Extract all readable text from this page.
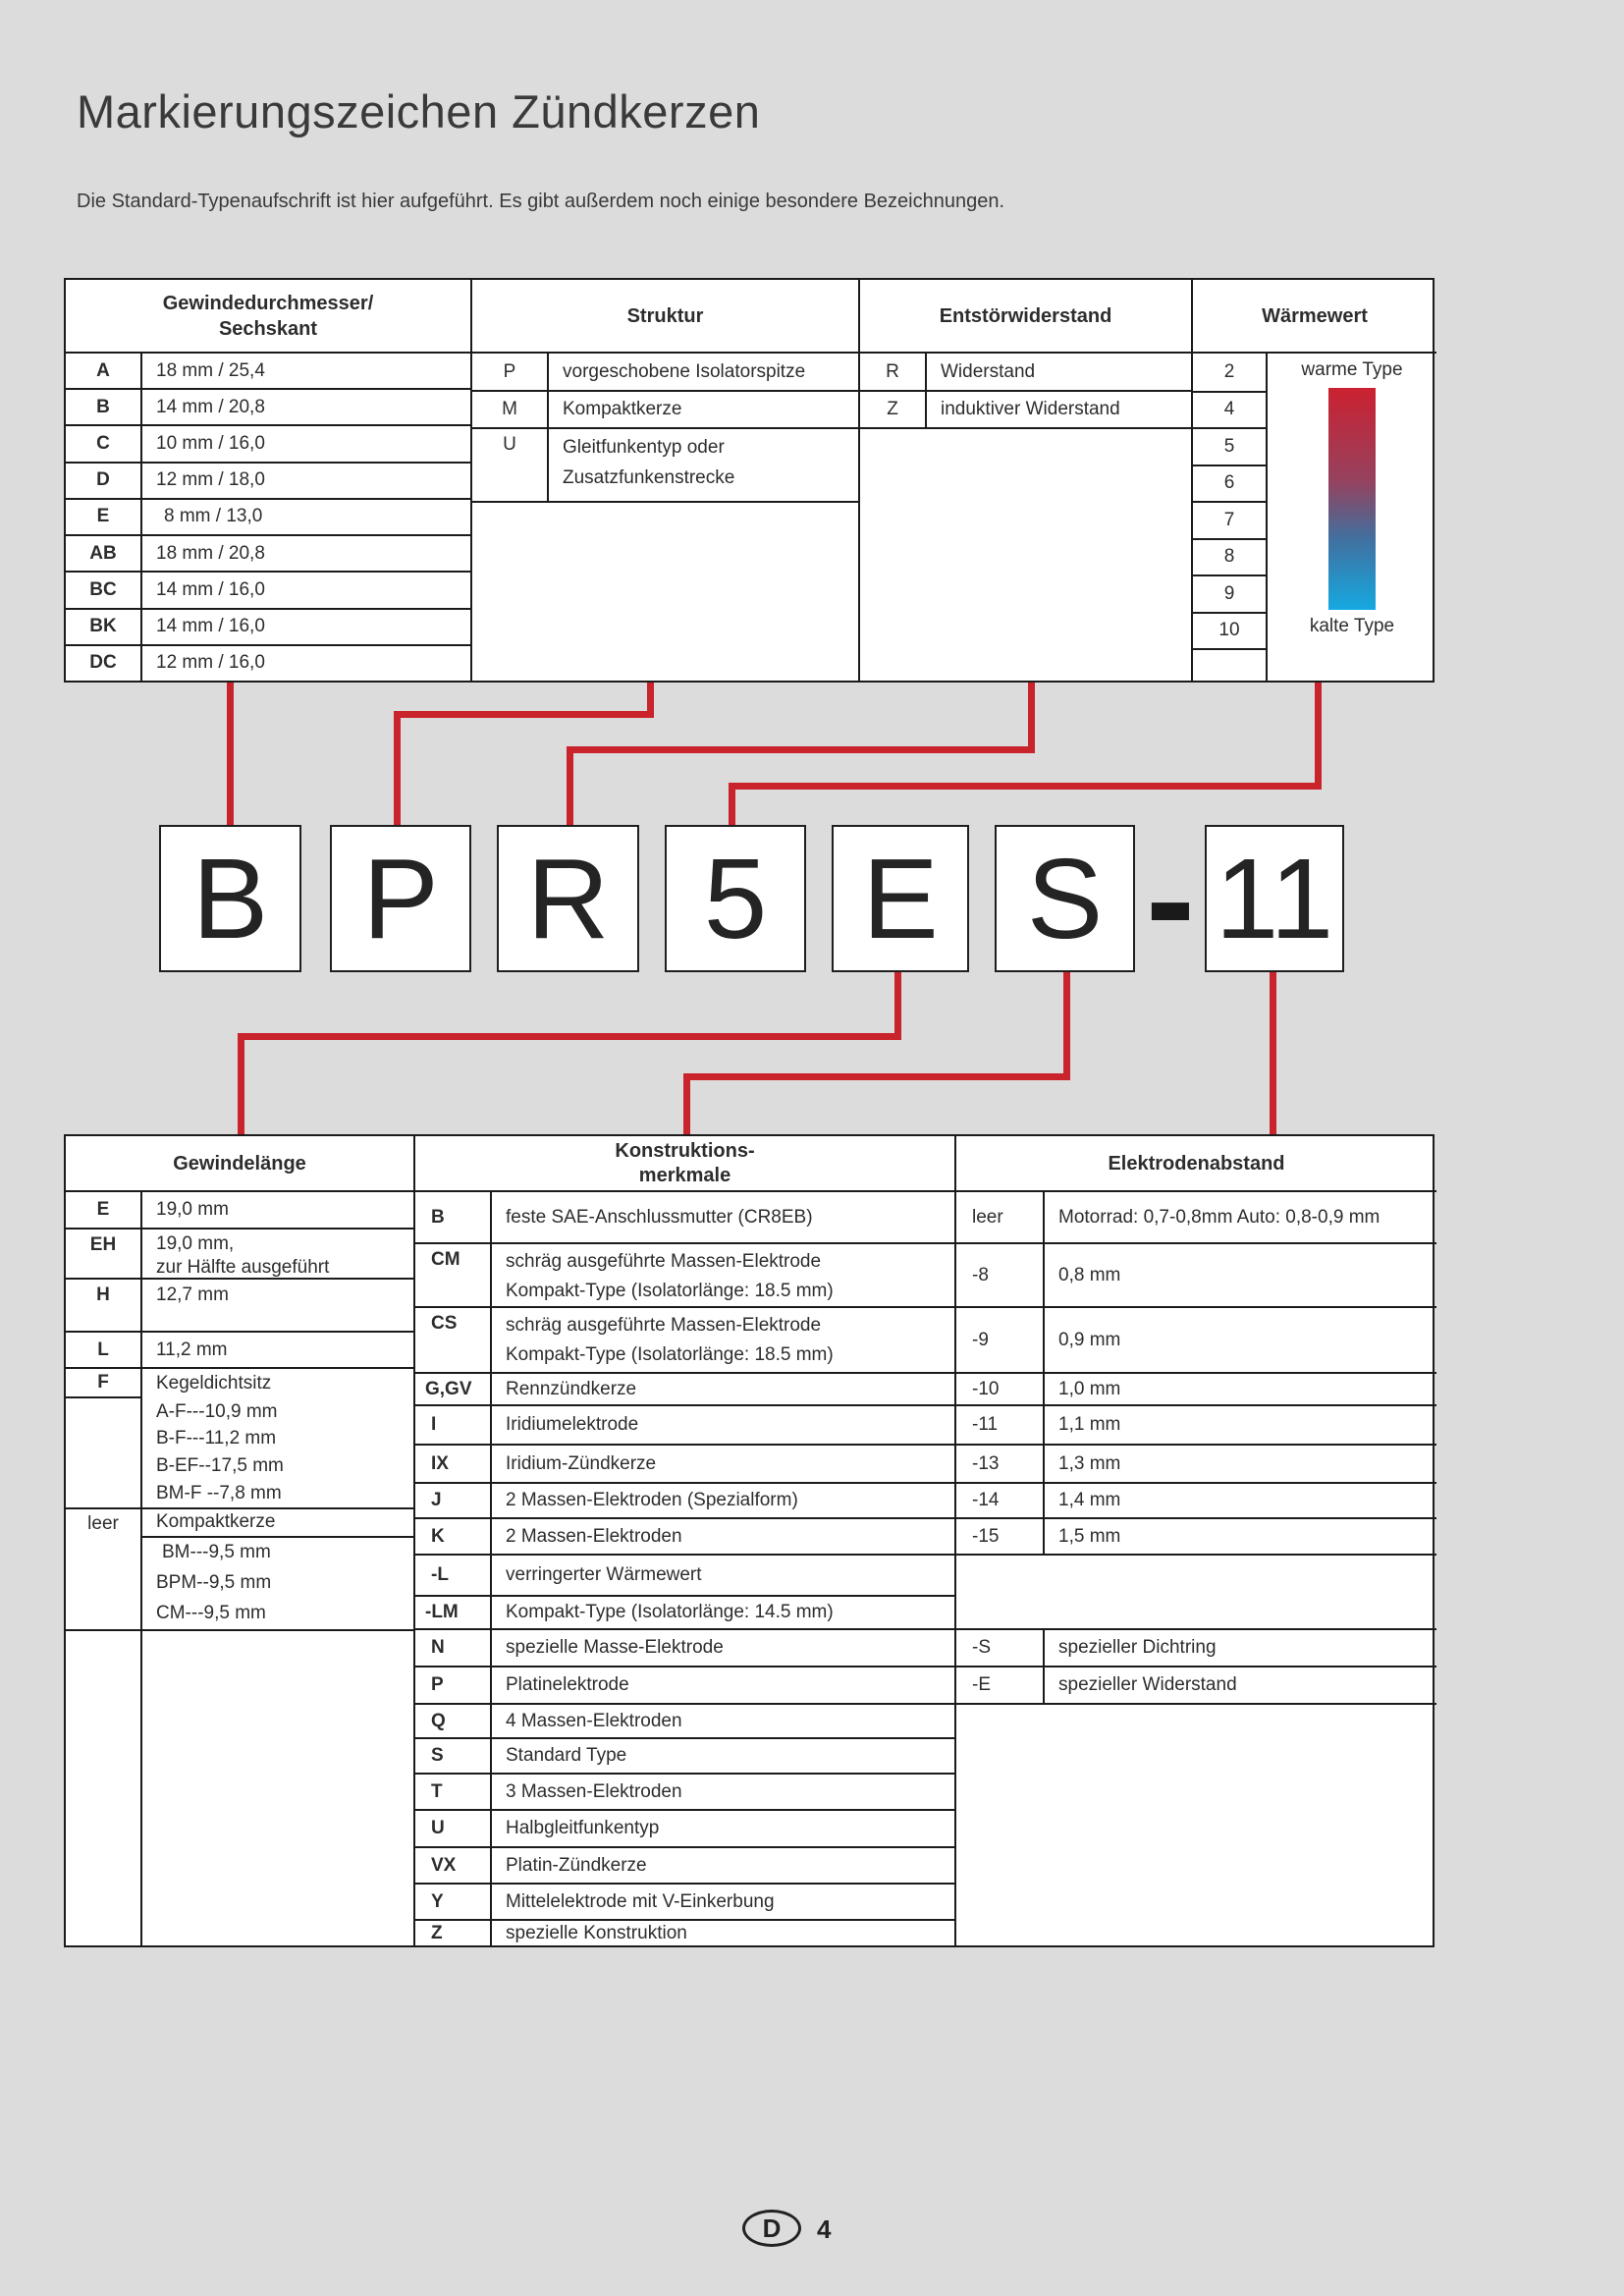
Markierungszeichen Zündkerzen
Die Standard-Typenaufschrift ist hier aufgeführt. Es gibt außerdem noch einige besondere Bezeichnungen.
Gewindedurchmesser/
Sechskant
A	18 mm / 25,4
B	14 mm / 20,8
C	10 mm / 16,0
D	12 mm / 18,0
E	8 mm / 13,0
AB	18 mm / 20,8
BC	14 mm / 16,0
BK	14 mm / 16,0
DC	12 mm / 16,0
Struktur
P	vorgeschobene Isolatorspitze
M	Kompaktkerze
U	Gleitfunkentyp oder
Zusatzfunkenstrecke
Entstörwiderstand
R	Widerstand
Z	induktiver Widerstand
Wärmewert
2
4
5
6
7
8
9
10
warme Type
kalte Type
B P R 5 E S - 11
Gewindelänge
E	19,0 mm
EH	19,0 mm,
zur Hälfte ausgeführt
H	12,7 mm
L	11,2 mm
F	Kegeldichtsitz
A-F---10,9 mm
B-F---11,2 mm
B-EF--17,5 mm
BM-F --7,8 mm
leer	Kompaktkerze
BM---9,5 mm
BPM--9,5 mm
CM---9,5 mm
Konstruktions-
merkmale
B	feste SAE-Anschlussmutter (CR8EB)
CM	schräg ausgeführte Massen-Elektrode
Kompakt-Type (Isolatorlänge: 18.5 mm)
CS	schräg ausgeführte Massen-Elektrode
Kompakt-Type (Isolatorlänge: 18.5 mm)
G,GV	Rennzündkerze
I	Iridiumelektrode
IX	Iridium-Zündkerze
J	2 Massen-Elektroden (Spezialform)
K	2 Massen-Elektroden
-L	verringerter Wärmewert
-LM	Kompakt-Type (Isolatorlänge: 14.5 mm)
N	spezielle Masse-Elektrode
P	Platinelektrode
Q	4 Massen-Elektroden
S	Standard Type
T	3 Massen-Elektroden
U	Halbgleitfunkentyp
VX	Platin-Zündkerze
Y	Mittelelektrode mit V-Einkerbung
Z	spezielle Konstruktion
Elektrodenabstand
leer	Motorrad: 0,7-0,8mm Auto: 0,8-0,9 mm
-8	0,8 mm
-9	0,9 mm
-10	1,0 mm
-11	1,1 mm
-13	1,3 mm
-14	1,4 mm
-15	1,5 mm
-S	spezieller Dichtring
-E	spezieller Widerstand
D	4
